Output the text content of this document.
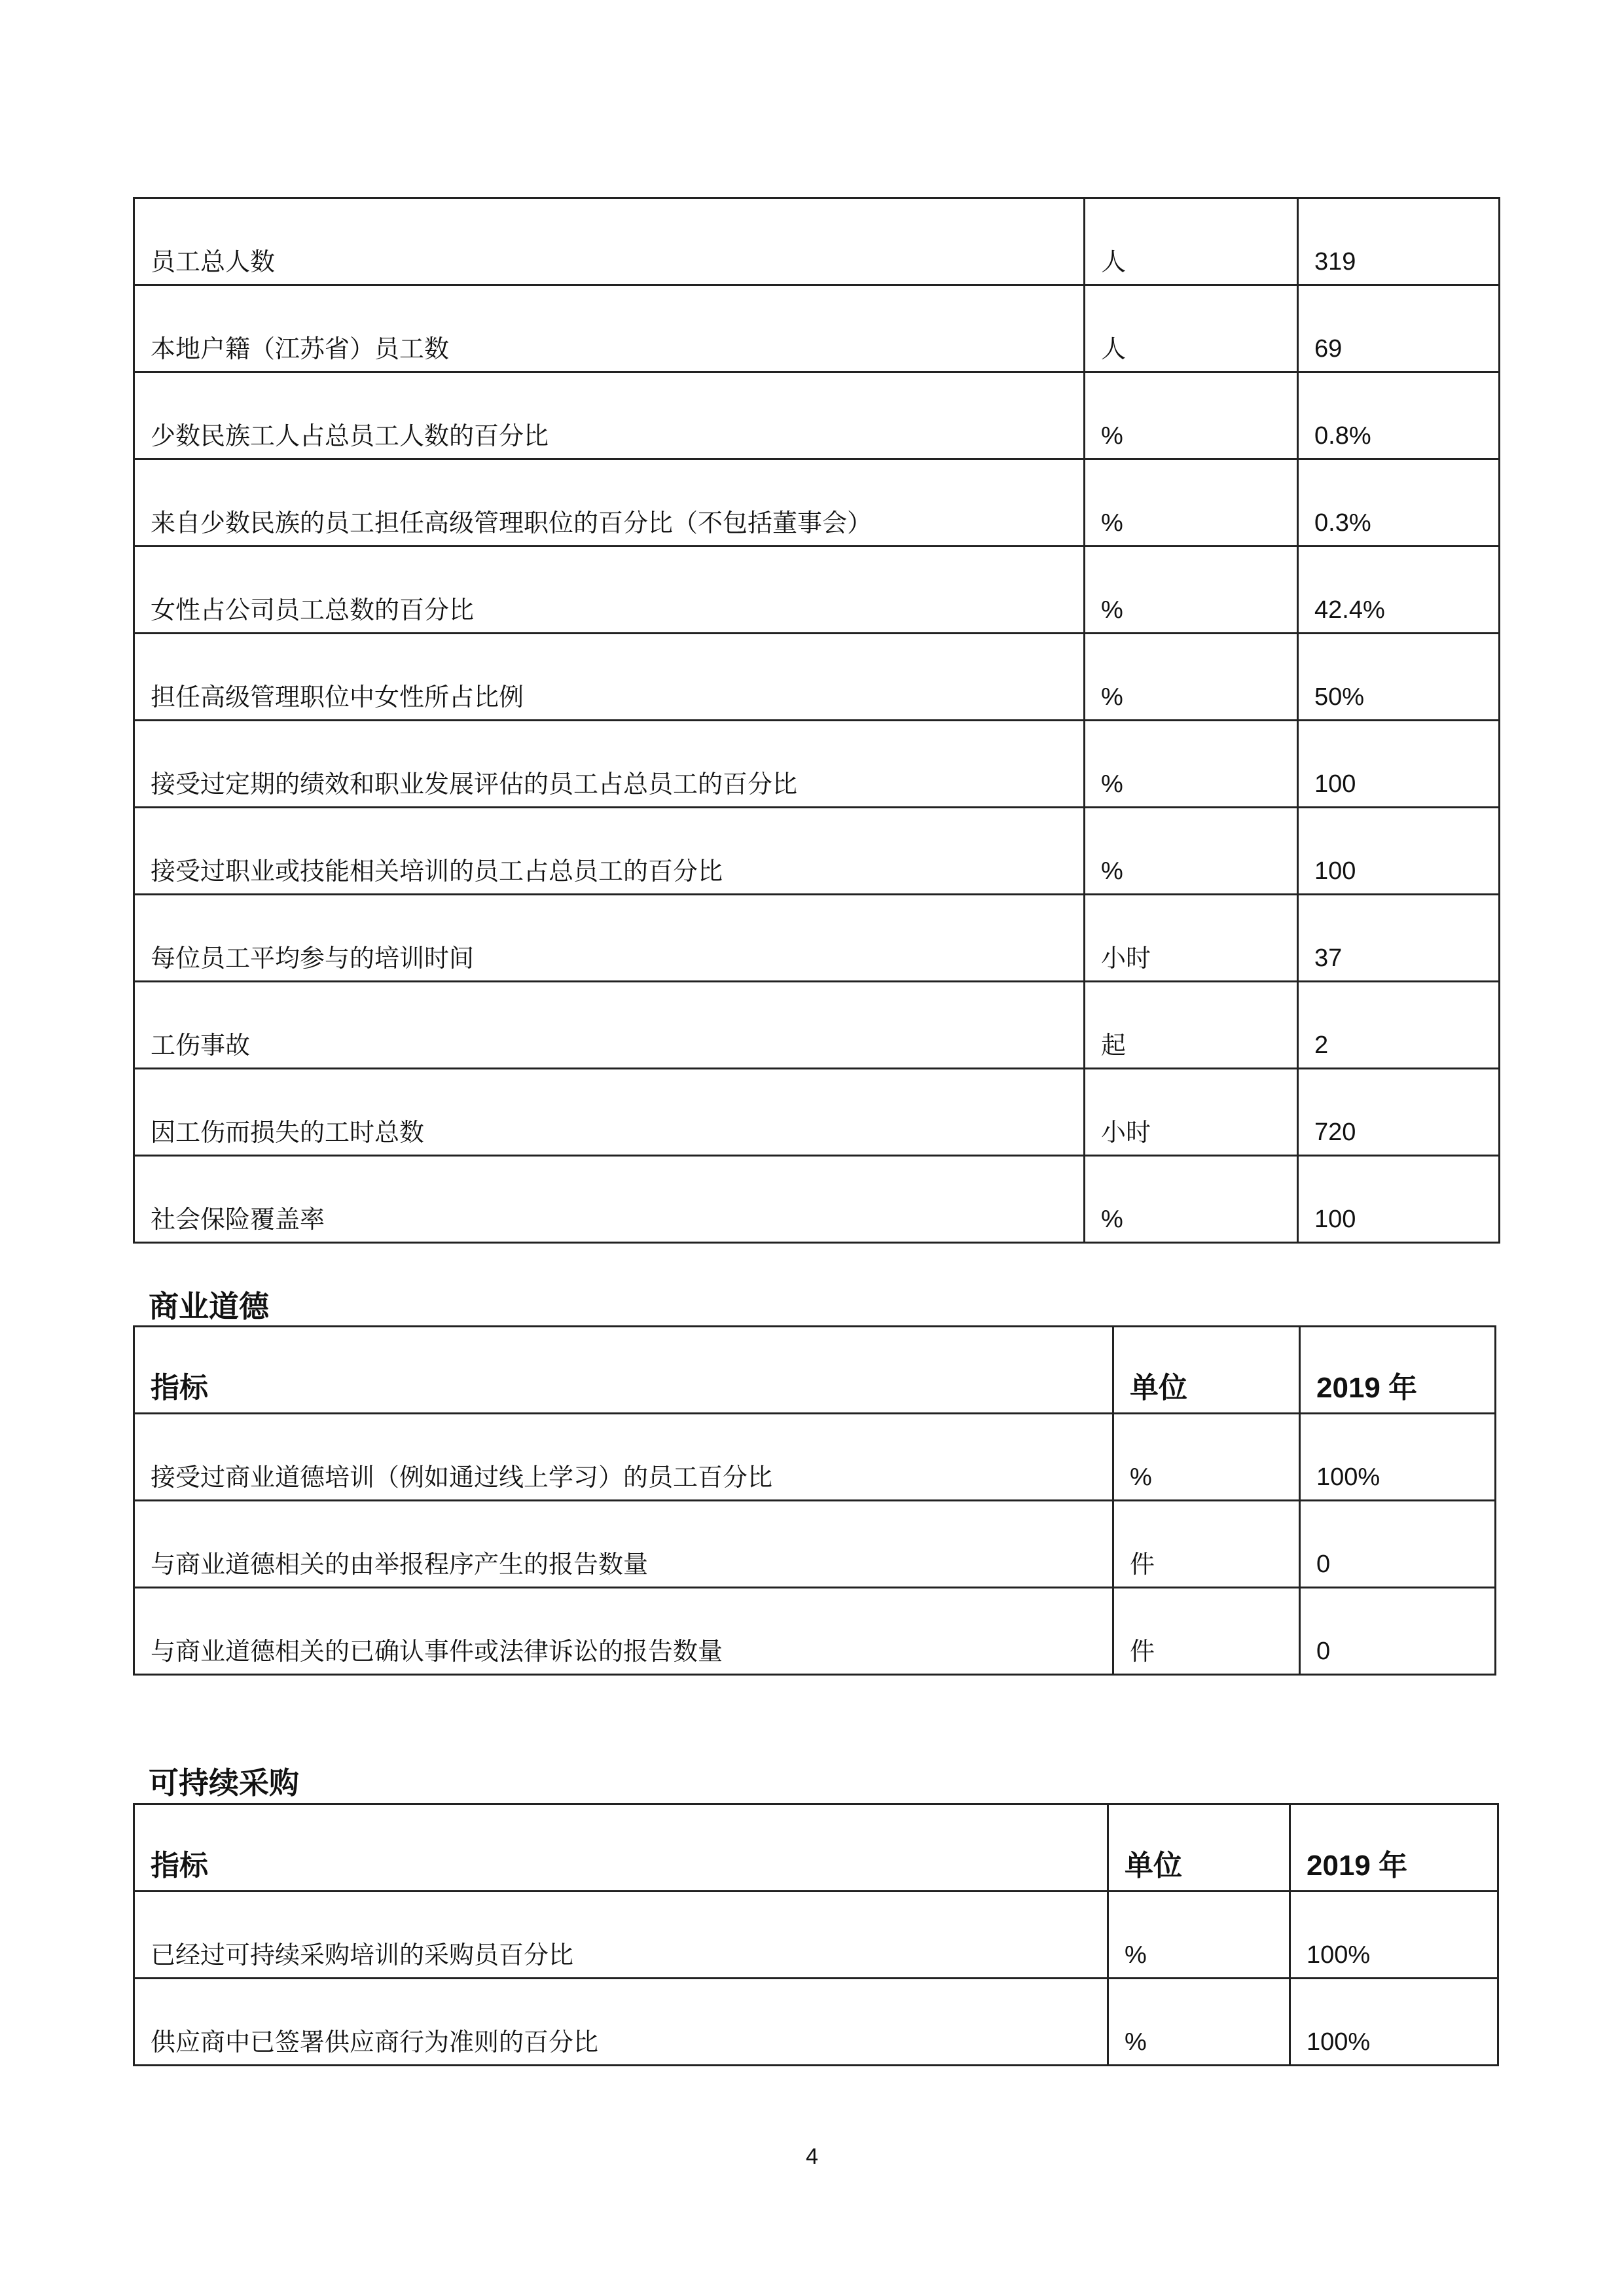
员工总人数	人	319
本地户籍（江苏省）员工数	人	69
少数民族工人占总员工人数的百分比	%	0.8%
来自少数民族的员工担任高级管理职位的百分比（不包括董事会）	%	0.3%
女性占公司员工总数的百分比	%	42.4%
担任高级管理职位中女性所占比例	%	50%
接受过定期的绩效和职业发展评估的员工占总员工的百分比	%	100
接受过职业或技能相关培训的员工占总员工的百分比	%	100
每位员工平均参与的培训时间	小时	37
工伤事故	起	2
因工伤而损失的工时总数	小时	720
社会保险覆盖率	%	100
商业道德
指标	单位	2019 年
接受过商业道德培训（例如通过线上学习）的员工百分比	%	100%
与商业道德相关的由举报程序产生的报告数量	件	0
与商业道德相关的已确认事件或法律诉讼的报告数量	件	0
可持续采购
指标	单位	2019 年
已经过可持续采购培训的采购员百分比	%	100%
供应商中已签署供应商行为准则的百分比	%	100%
4
